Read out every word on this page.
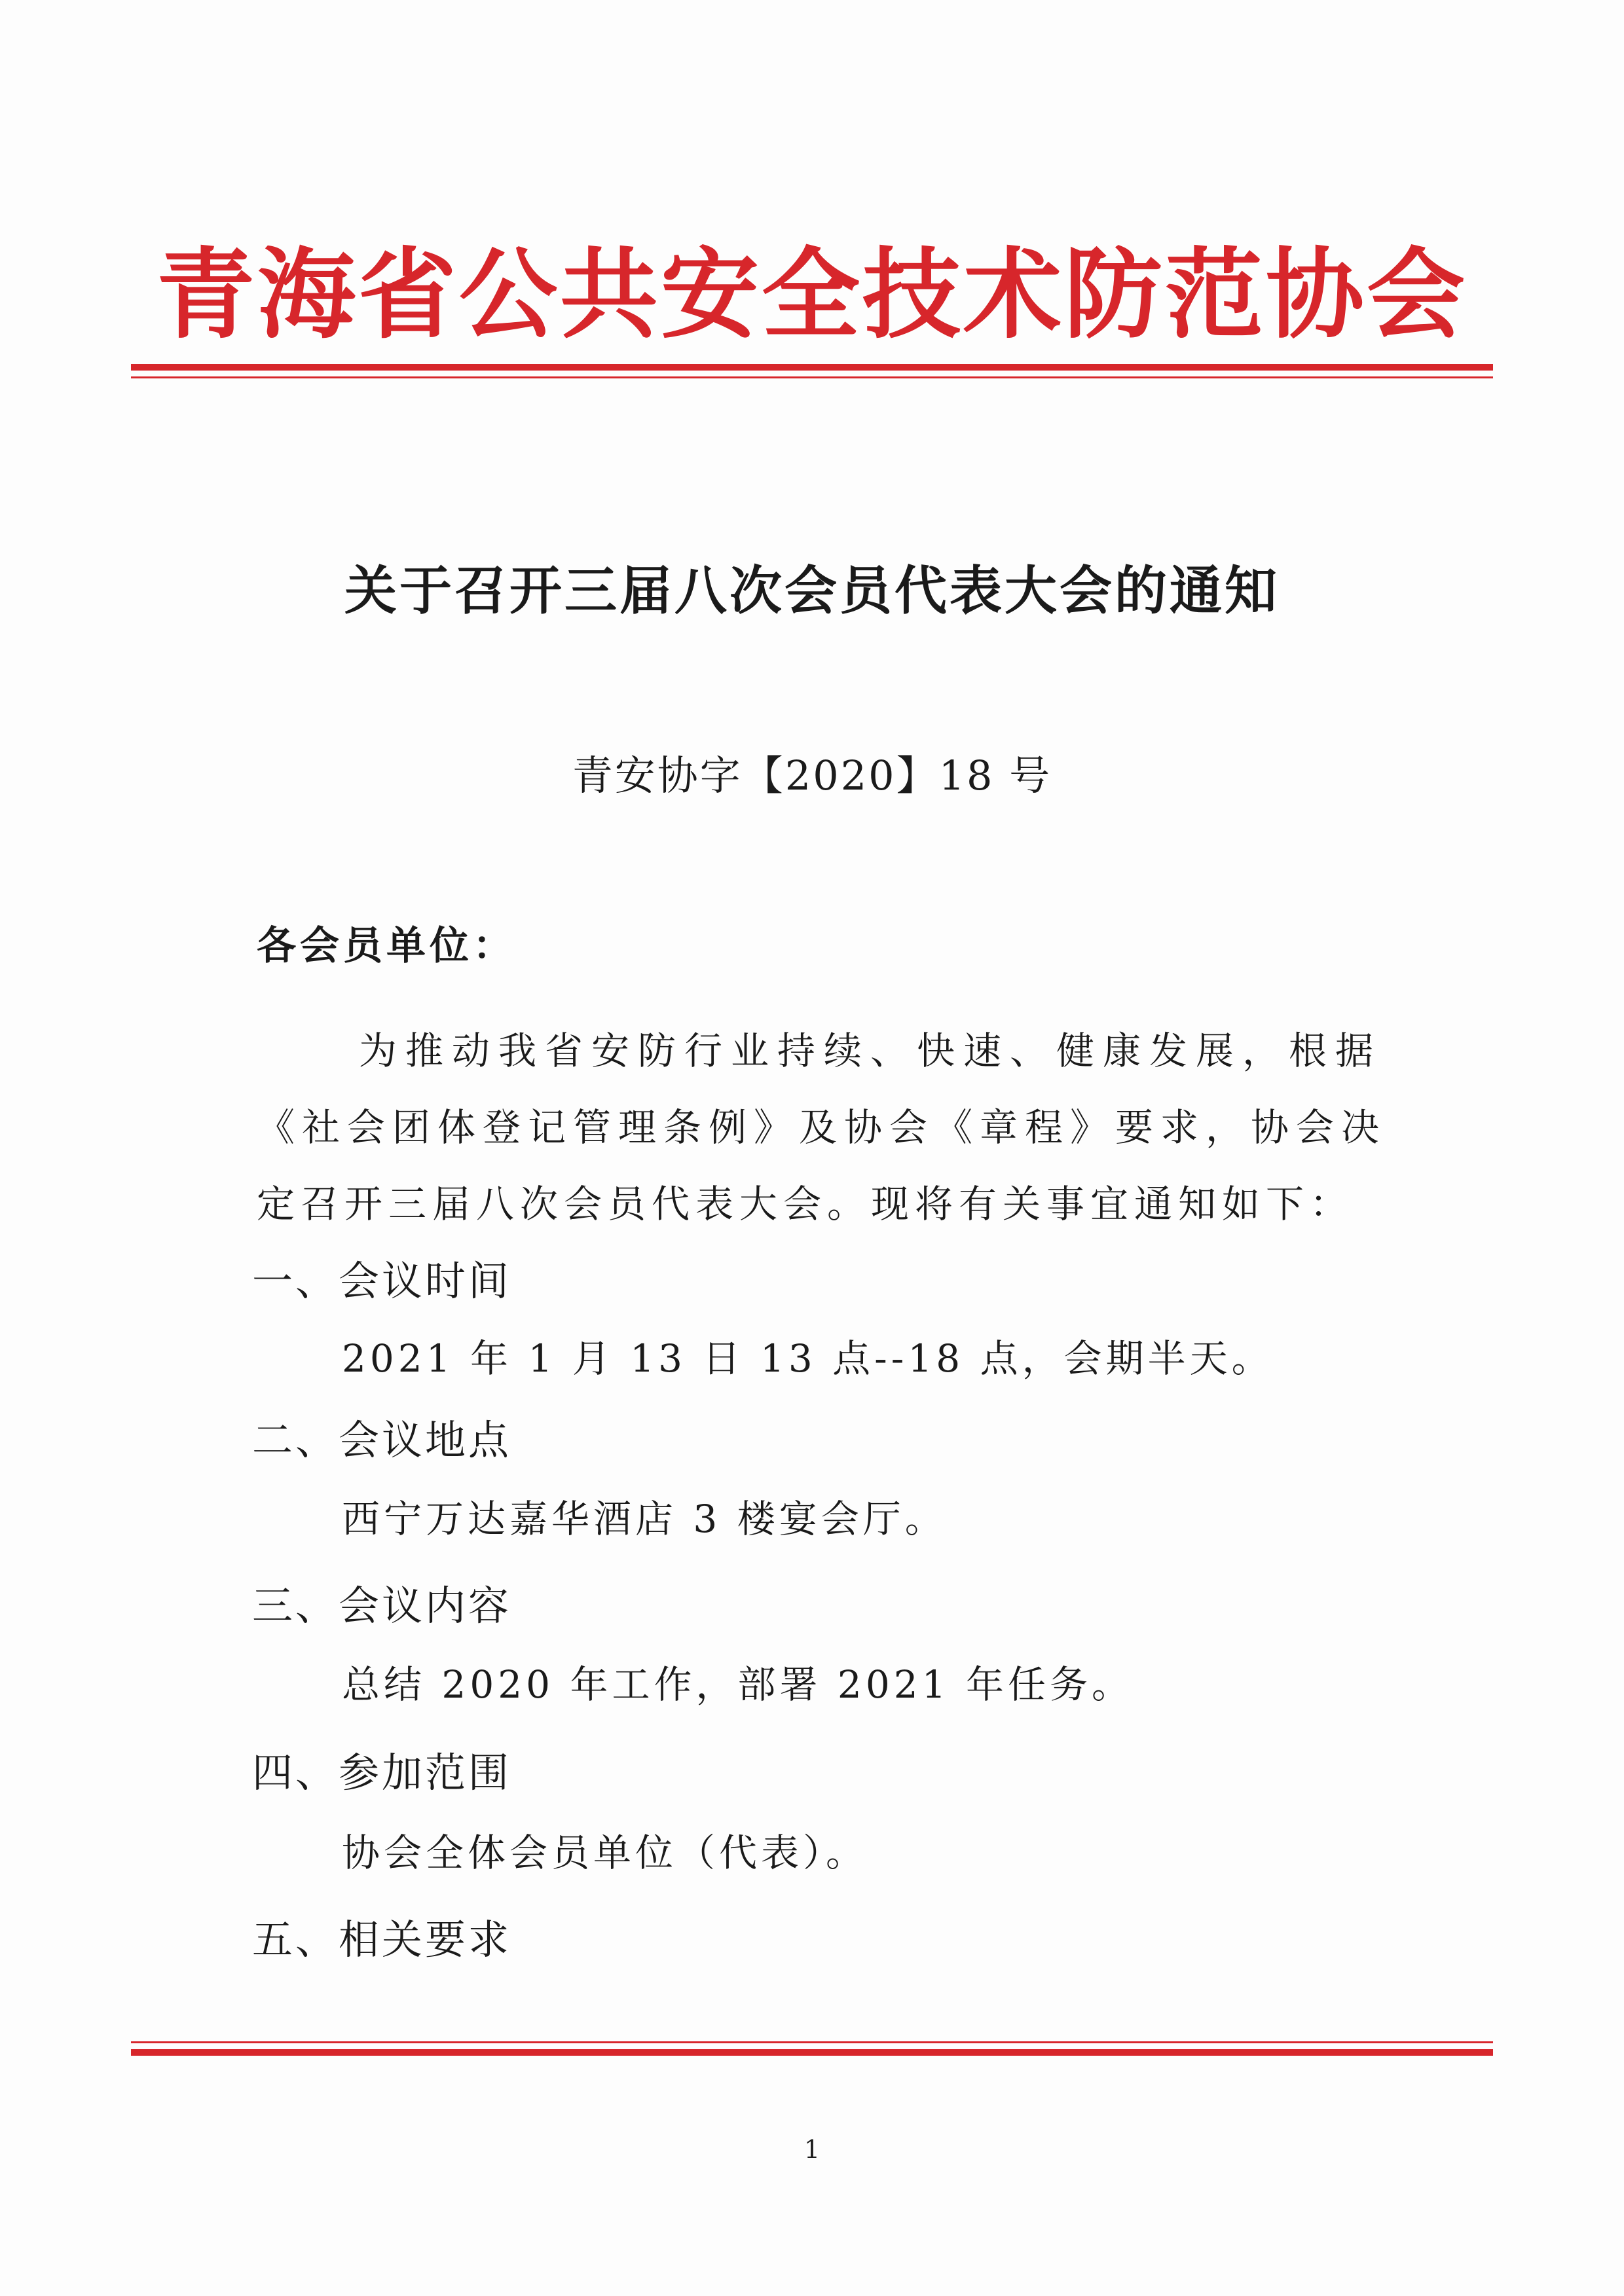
青海省公共安全技术防范协会
关于召开三届八次会员代表大会的通知
青安协字【2020】18 号
各会员单位：
为推动我省安防行业持续、快速、健康发展，根据
《社会团体登记管理条例》及协会《章程》要求，协会决
定召开三届八次会员代表大会。现将有关事宜通知如下：
一、会议时间
2021 年 1 月 13 日 13 点--18 点，会期半天。
二、会议地点
西宁万达嘉华酒店 3 楼宴会厅。
三、会议内容
总结 2020 年工作，部署 2021 年任务。
四、参加范围
协会全体会员单位（代表）。
五、相关要求
1
